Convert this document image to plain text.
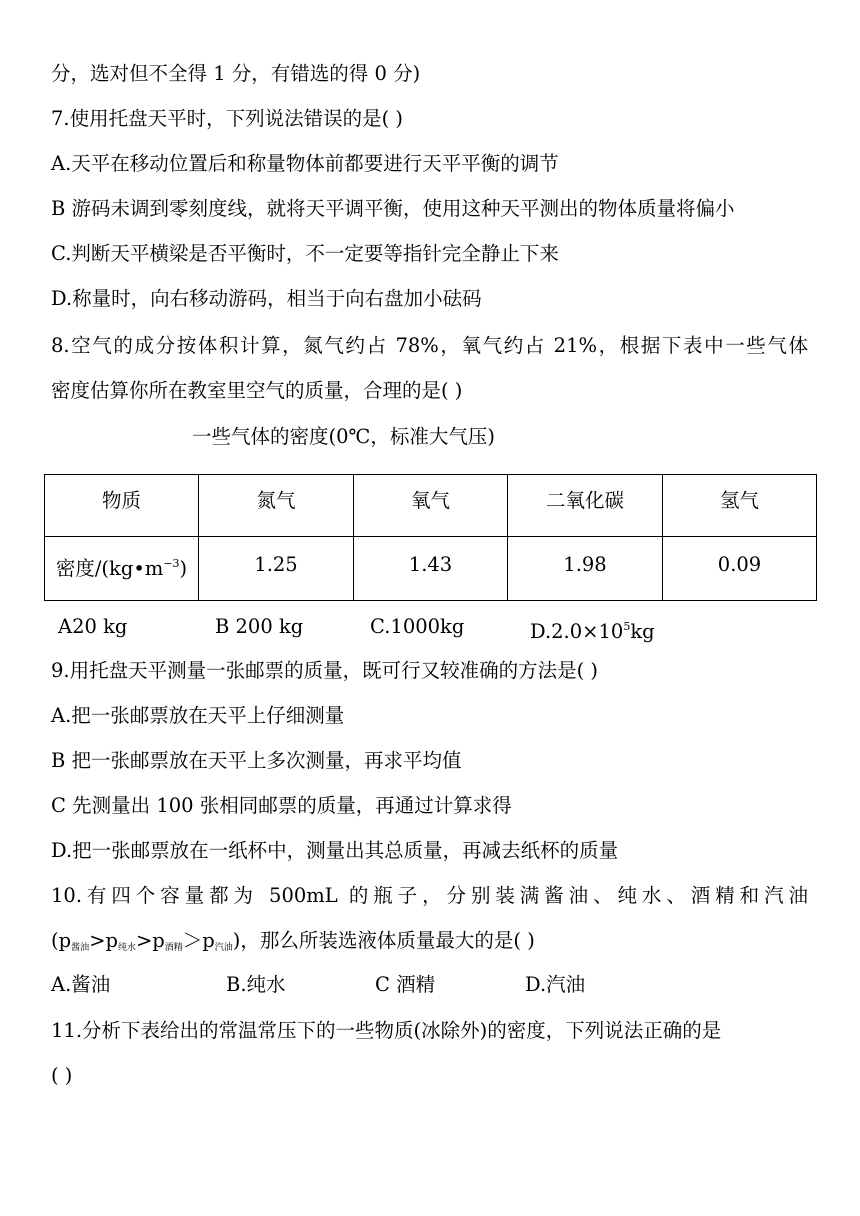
分，选对但不全得 1 分，有错选的得 0 分)
7.使用托盘天平时，下列说法错误的是( )
A.天平在移动位置后和称量物体前都要进行天平平衡的调节
B 游码未调到零刻度线，就将天平调平衡，使用这种天平测出的物体质量将偏小
C.判断天平横梁是否平衡时，不一定要等指针完全静止下来
D.称量时，向右移动游码，相当于向右盘加小砝码
8.空气的成分按体积计算，氮气约占 78%，氧气约占 21%，根据下表中一些气体
密度估算你所在教室里空气的质量，合理的是( )
一些气体的密度(0℃，标准大气压)
物质	氮气	氧气	二氧化碳	氢气
密度$/(kg•m^{-3})$	1.25	1.43	1.98	0.09
A20 kg	B 200 kg	C.1000kg	$D.2.0\times 10^5kg$
9.用托盘天平测量一张邮票的质量，既可行又较准确的方法是( )
A.把一张邮票放在天平上仔细测量
B 把一张邮票放在天平上多次测量，再求平均值
C 先测量出 100 张相同邮票的质量，再通过计算求得
D.把一张邮票放在一纸杯中，测量出其总质量，再减去纸杯的质量
10.有四个容量都为 500mL 的瓶子，分别装满酱油、纯水、酒精和汽油
$(p_{酱油}>p_{纯水}>p_{酒精}>p_{汽油})$，那么所装选液体质量最大的是( )
A.酱油	B.纯水	C 酒精	D.汽油
11.分析下表给出的常温常压下的一些物质(冰除外)的密度，下列说法正确的是
( )
